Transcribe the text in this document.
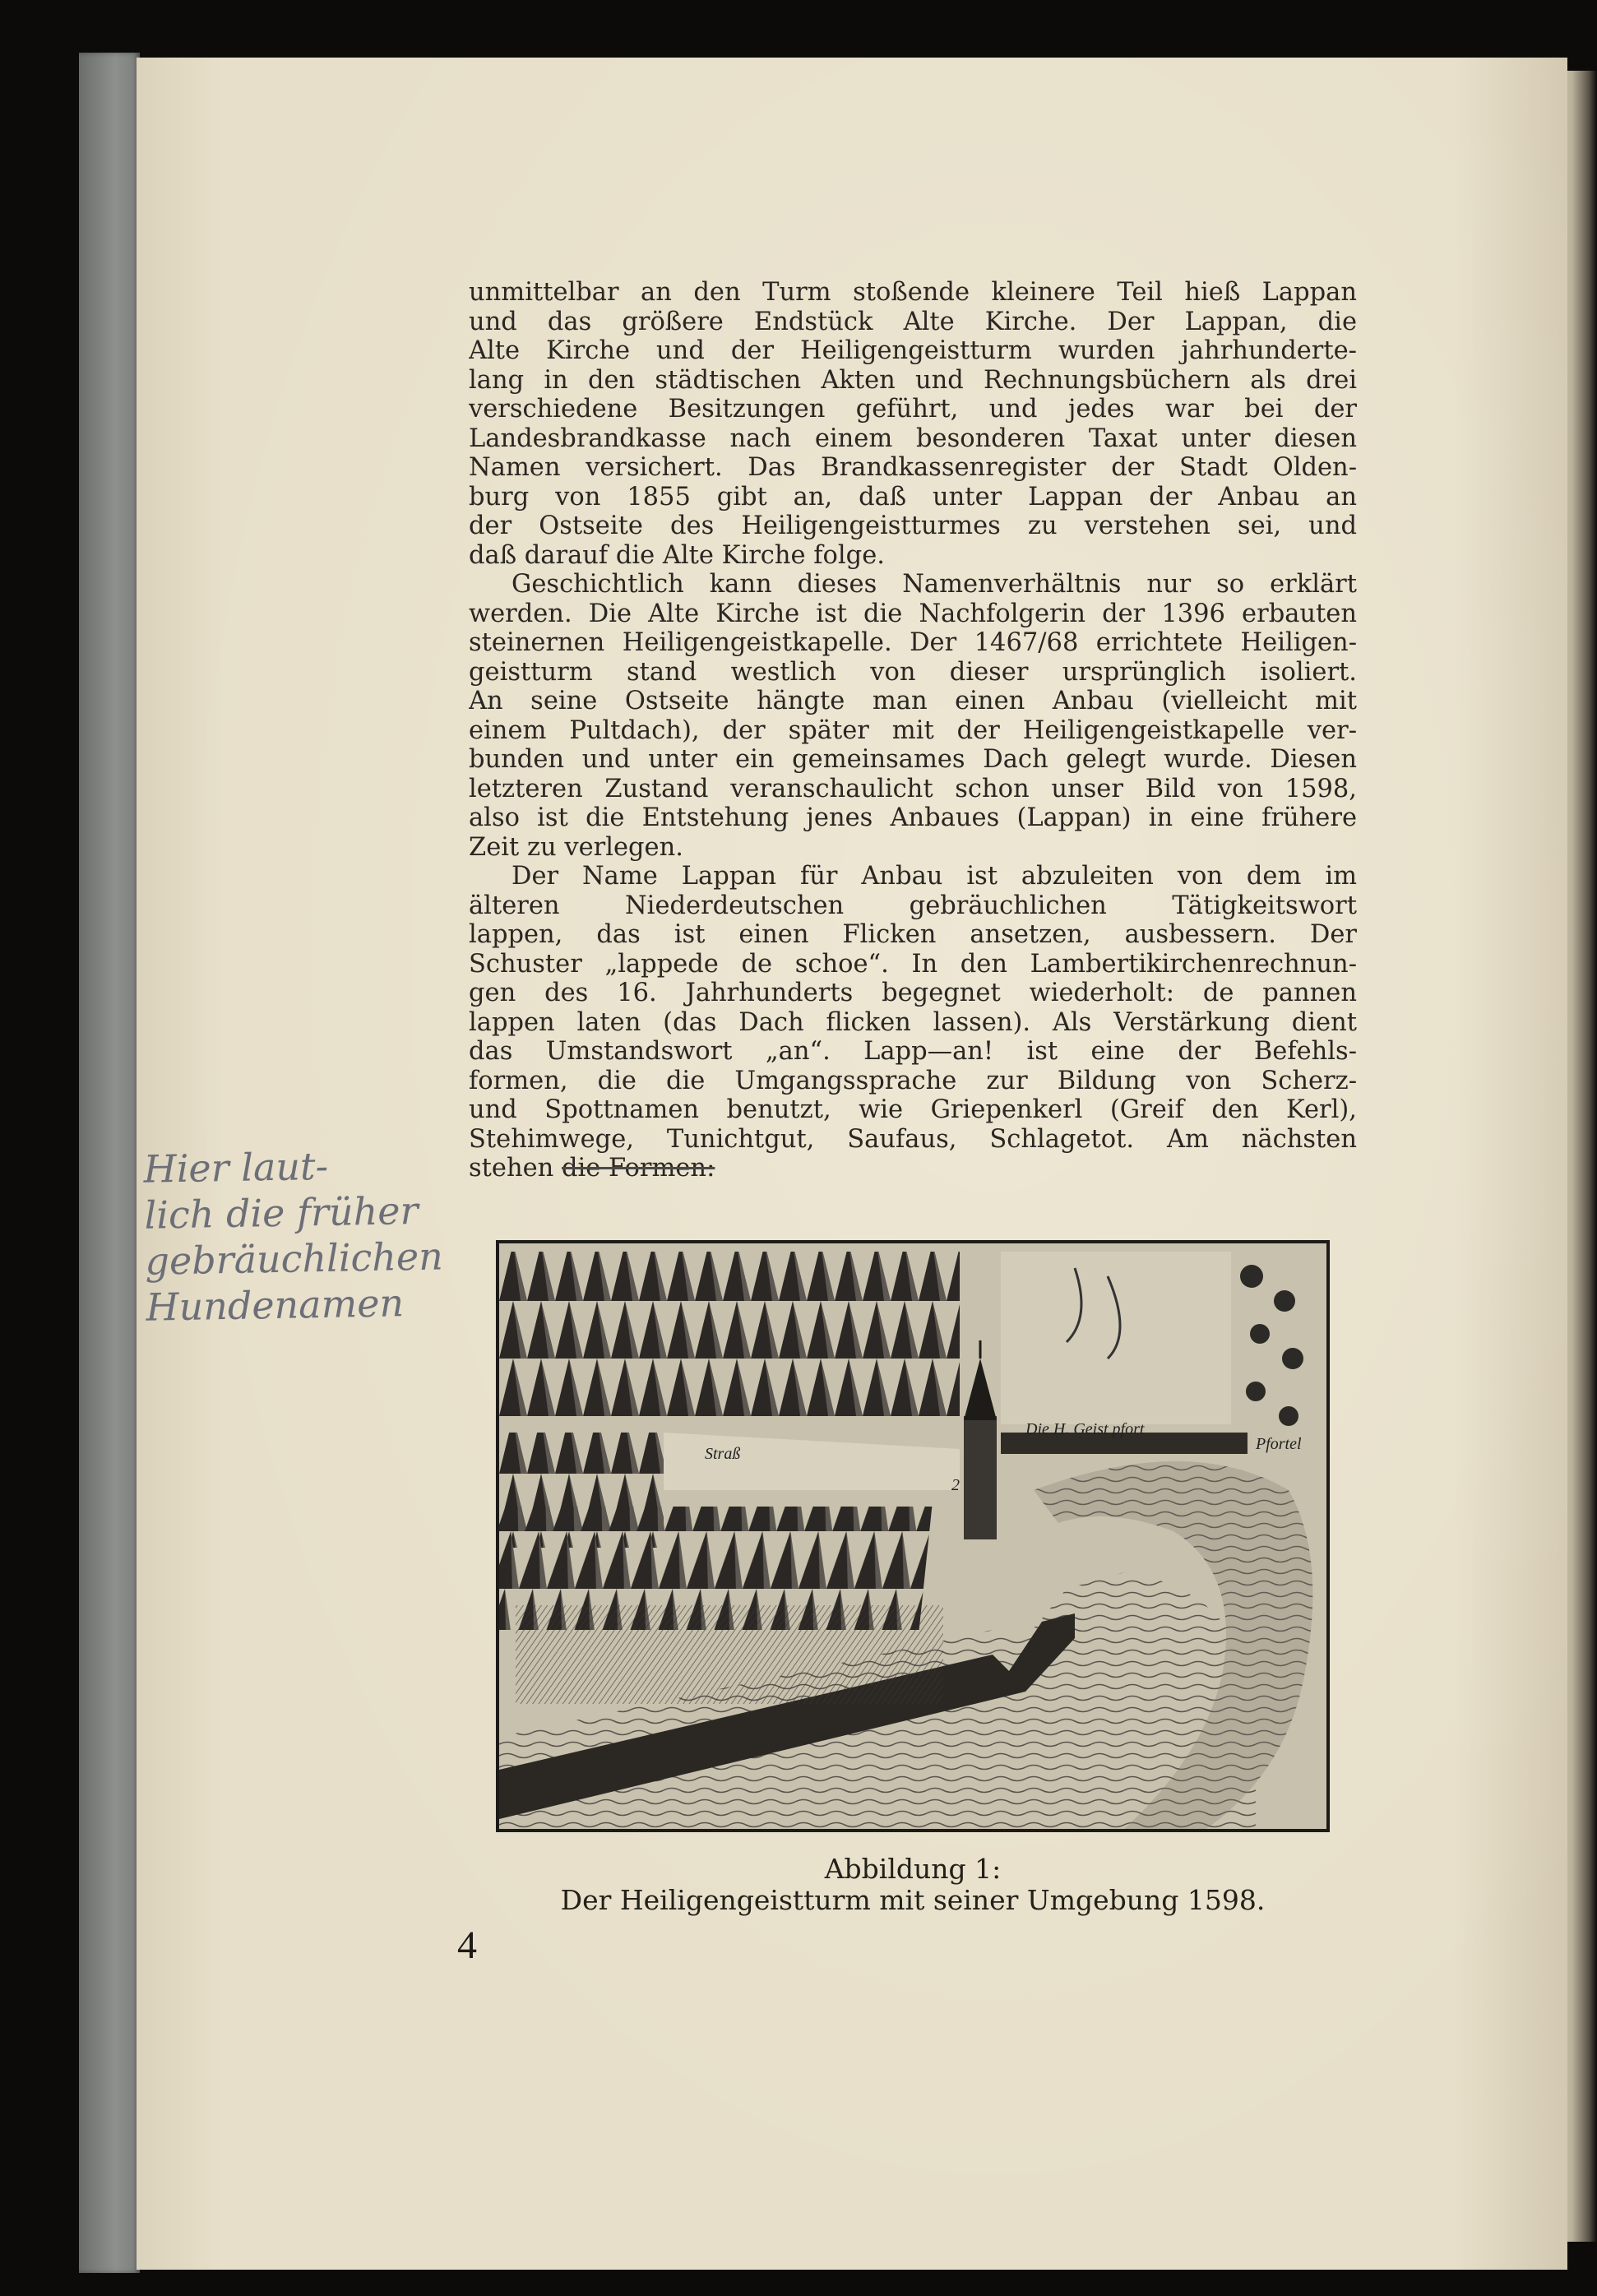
unmittelbar an den Turm stoßende kleinere Teil hieß Lappan
und das größere Endstück Alte Kirche. Der Lappan, die
Alte Kirche und der Heiligengeistturm wurden jahrhunderte-
lang in den städtischen Akten und Rechnungsbüchern als drei
verschiedene Besitzungen geführt, und jedes war bei der
Landesbrandkasse nach einem besonderen Taxat unter diesen
Namen versichert. Das Brandkassenregister der Stadt Olden-
burg von 1855 gibt an, daß unter Lappan der Anbau an
der Ostseite des Heiligengeistturmes zu verstehen sei, und
daß darauf die Alte Kirche folge.
Geschichtlich kann dieses Namenverhältnis nur so erklärt
werden. Die Alte Kirche ist die Nachfolgerin der 1396 erbauten
steinernen Heiligengeistkapelle. Der 1467/68 errichtete Heiligen-
geistturm stand westlich von dieser ursprünglich isoliert.
An seine Ostseite hängte man einen Anbau (vielleicht mit
einem Pultdach), der später mit der Heiligengeistkapelle ver-
bunden und unter ein gemeinsames Dach gelegt wurde. Diesen
letzteren Zustand veranschaulicht schon unser Bild von 1598,
also ist die Entstehung jenes Anbaues (Lappan) in eine frühere
Zeit zu verlegen.
Der Name Lappan für Anbau ist abzuleiten von dem im
älteren Niederdeutschen gebräuchlichen Tätigkeitswort
lappen, das ist einen Flicken ansetzen, ausbessern. Der
Schuster „lappede de schoe“. In den Lambertikirchenrechnun-
gen des 16. Jahrhunderts begegnet wiederholt: de pannen
lappen laten (das Dach flicken lassen). Als Verstärkung dient
das Umstandswort „an“. Lapp—an! ist eine der Befehls-
formen, die die Umgangssprache zur Bildung von Scherz-
und Spottnamen benutzt, wie Griepenkerl (Greif den Kerl),
Stehimwege, Tunichtgut, Saufaus, Schlagetot. Am nächsten
stehen die Formen:
Hier laut-
lich die früher
gebräuchlichen
Hundenamen
Straß
Die H. Geist pfort
2
Pfortel
Abbildung 1:
Der Heiligengeistturm mit seiner Umgebung 1598.
4
